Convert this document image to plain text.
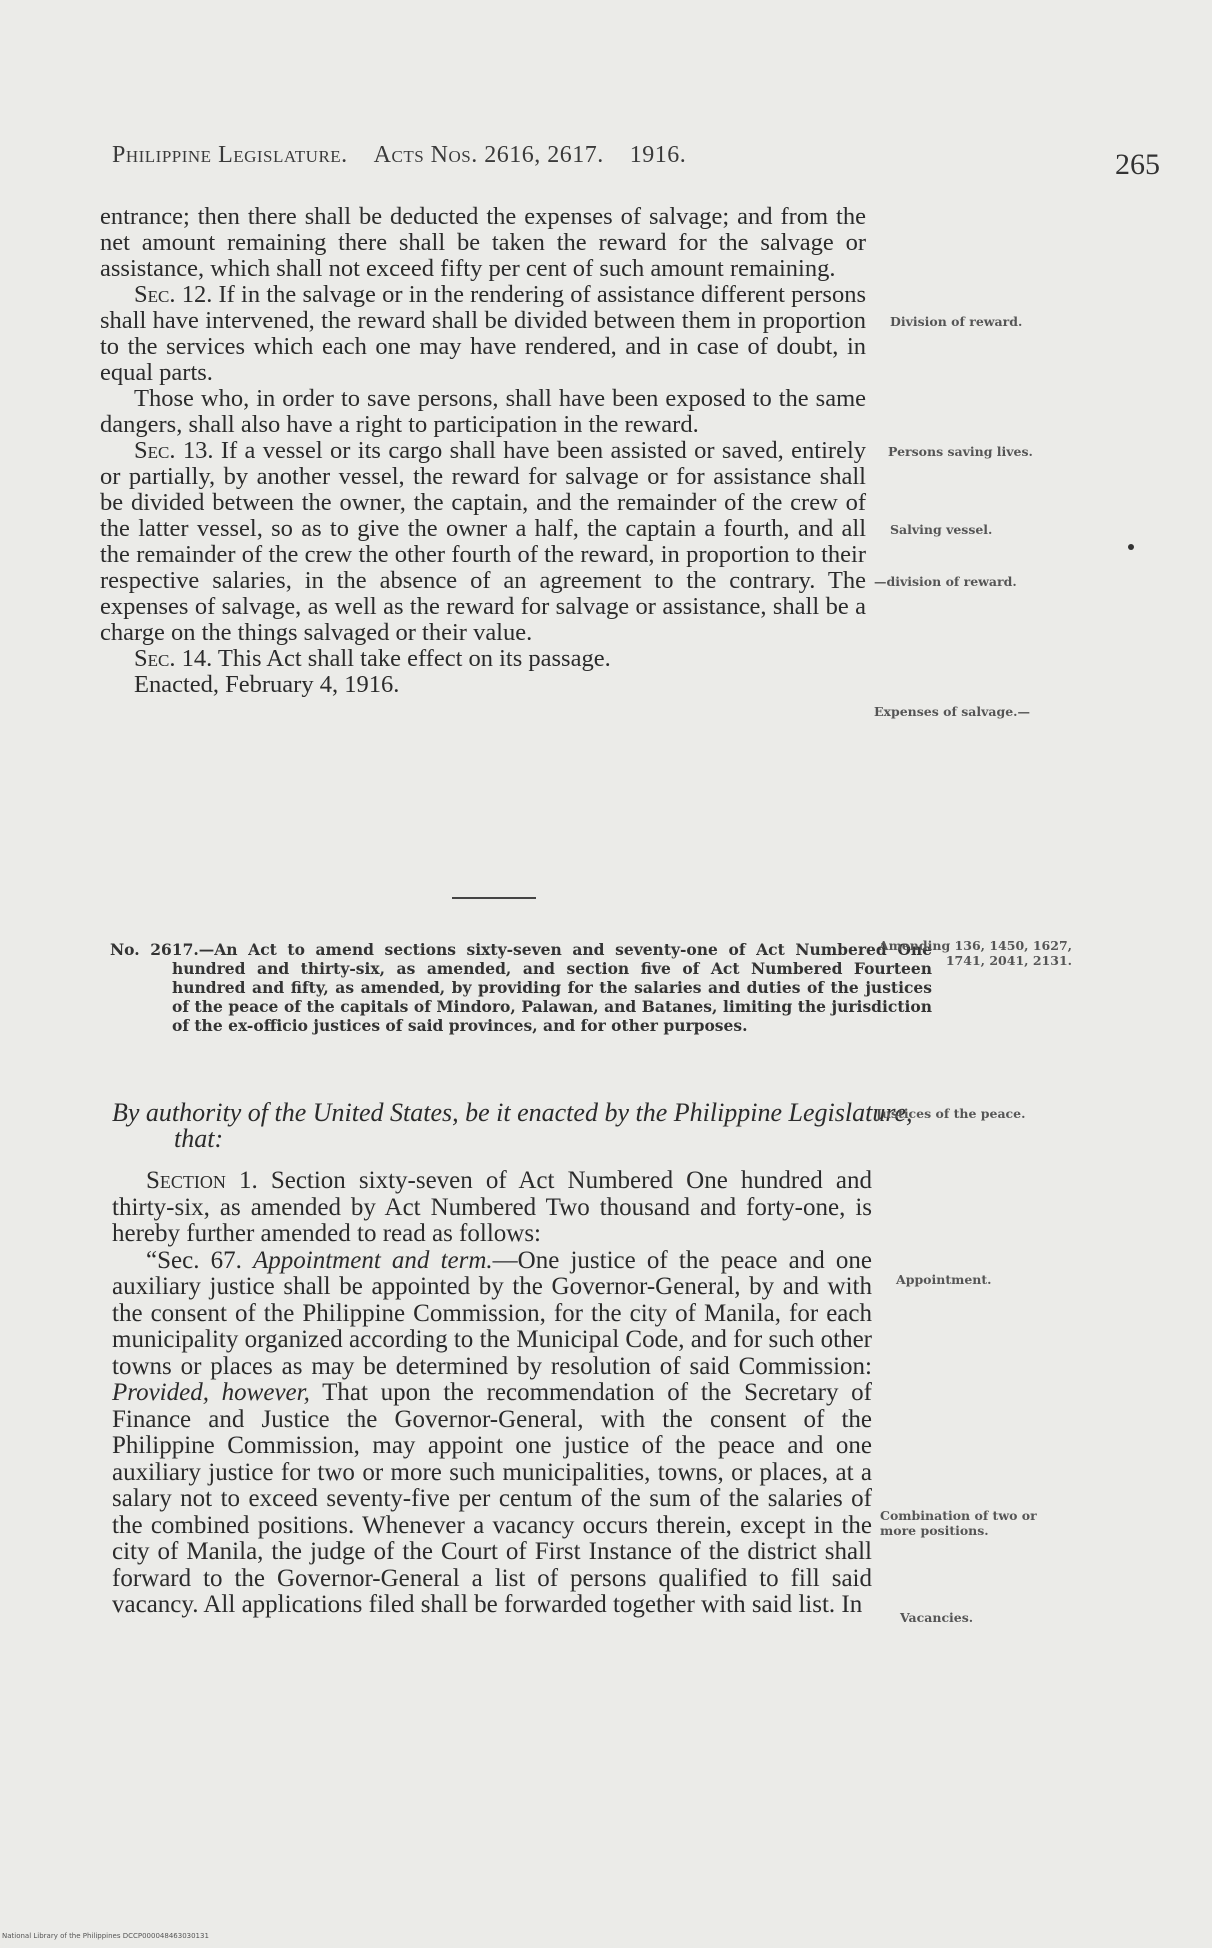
Philippine Legislature. Acts Nos. 2616, 2617. 1916.	265

entrance; then there shall be deducted the expenses of salvage; and from the net amount remaining there shall be taken the reward for the salvage or assistance, which shall not exceed fifty per cent of such amount remaining.

Sec. 12. If in the salvage or in the rendering of assistance different persons shall have intervened, the reward shall be divided between them in proportion to the services which each one may have rendered, and in case of doubt, in equal parts.

Those who, in order to save persons, shall have been exposed to the same dangers, shall also have a right to participation in the reward.

Sec. 13. If a vessel or its cargo shall have been assisted or saved, entirely or partially, by another vessel, the reward for salvage or for assistance shall be divided between the owner, the captain, and the remainder of the crew of the latter vessel, so as to give the owner a half, the captain a fourth, and all the remainder of the crew the other fourth of the reward, in proportion to their respective salaries, in the absence of an agreement to the contrary. The expenses of salvage, as well as the reward for salvage or assistance, shall be a charge on the things salvaged or their value.

Sec. 14. This Act shall take effect on its passage.

Enacted, February 4, 1916.

Division of reward.
Persons saving lives.
Salving vessel.
—division of reward.
Expenses of salvage.—
No. 2617.—An Act to amend sections sixty-seven and seventy-one of Act Numbered One hundred and thirty-six, as amended, and section five of Act Numbered Fourteen hundred and fifty, as amended, by providing for the salaries and duties of the justices of the peace of the capitals of Mindoro, Palawan, and Batanes, limiting the jurisdiction of the ex-officio justices of said provinces, and for other purposes.
Amending 136, 1450, 1627, 1741, 2041, 2131.
By authority of the United States, be it enacted by the Philippine Legislature, that:
Justices of the peace.

Section 1. Section sixty-seven of Act Numbered One hundred and thirty-six, as amended by Act Numbered Two thousand and forty-one, is hereby further amended to read as follows:

“Sec. 67. Appointment and term.—One justice of the peace and one auxiliary justice shall be appointed by the Governor-General, by and with the consent of the Philippine Commission, for the city of Manila, for each municipality organized according to the Municipal Code, and for such other towns or places as may be determined by resolution of said Commission: Provided, however, That upon the recommendation of the Secretary of Finance and Justice the Governor-General, with the consent of the Philippine Commission, may appoint one justice of the peace and one auxiliary justice for two or more such municipalities, towns, or places, at a salary not to exceed seventy-five per centum of the sum of the salaries of the combined positions. Whenever a vacancy occurs therein, except in the city of Manila, the judge of the Court of First Instance of the district shall forward to the Governor-General a list of persons qualified to fill said vacancy. All applications filed shall be forwarded together with said list. In

Appointment.
Combination of two or more positions.
Vacancies.
National Library of the Philippines DCCP000048463030131
